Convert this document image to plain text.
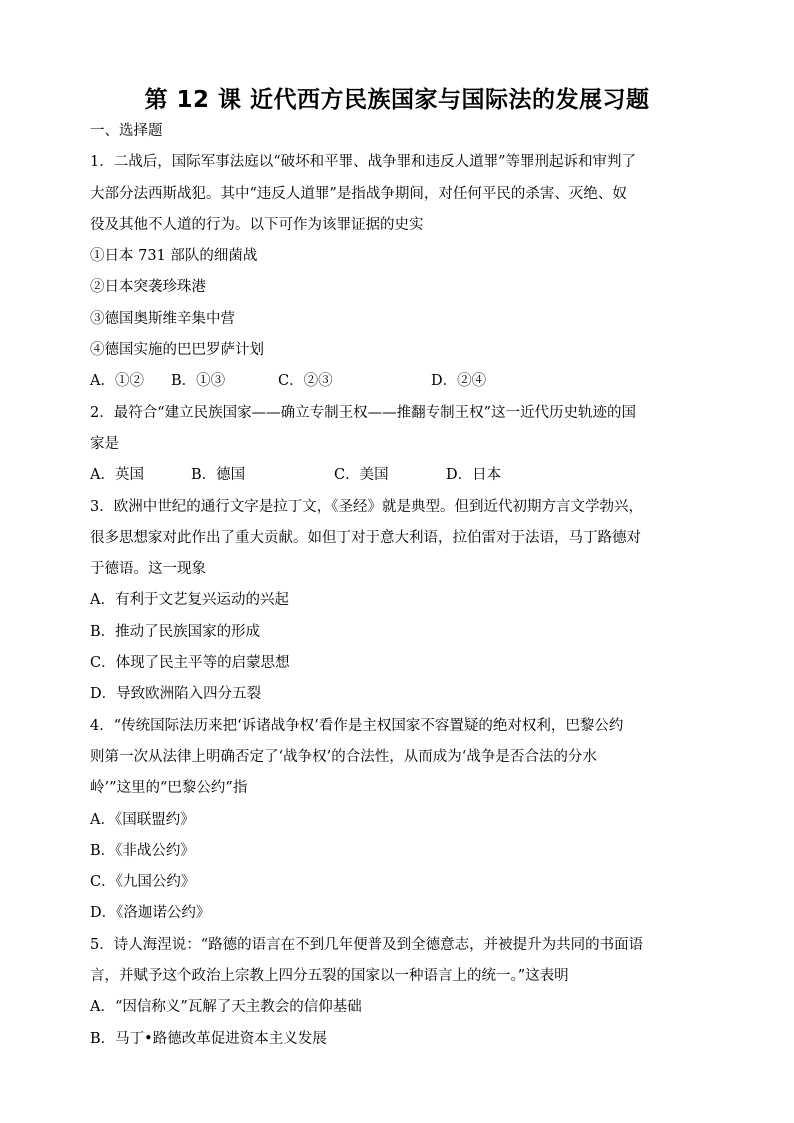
第 12 课 近代西方民族国家与国际法的发展习题
一、选择题
1．二战后，国际军事法庭以“破坏和平罪、战争罪和违反人道罪”等罪刑起诉和审判了
大部分法西斯战犯。其中“违反人道罪”是指战争期间，对任何平民的杀害、灭绝、奴
役及其他不人道的行为。以下可作为该罪证据的史实
①日本 731 部队的细菌战
②日本突袭珍珠港
③德国奥斯维辛集中营
④德国实施的巴巴罗萨计划
A．①②	B．①③	C．②③	D．②④
2．最符合“建立民族国家——确立专制王权——推翻专制王权”这一近代历史轨迹的国
家是
A．英国	B．德国	C．美国	D．日本
3．欧洲中世纪的通行文字是拉丁文，《圣经》就是典型。但到近代初期方言文学勃兴，
很多思想家对此作出了重大贡献。如但丁对于意大利语，拉伯雷对于法语，马丁路德对
于德语。这一现象
A．有利于文艺复兴运动的兴起
B．推动了民族国家的形成
C．体现了民主平等的启蒙思想
D．导致欧洲陷入四分五裂
4．“传统国际法历来把‘诉诸战争权’看作是主权国家不容置疑的绝对权利，巴黎公约
则第一次从法律上明确否定了‘战争权’的合法性，从而成为‘战争是否合法的分水
岭’”这里的“巴黎公约”指
A．《国联盟约》
B．《非战公约》
C．《九国公约》
D．《洛迦诺公约》
5．诗人海涅说：“路德的语言在不到几年便普及到全德意志，并被提升为共同的书面语
言，并赋予这个政治上宗教上四分五裂的国家以一种语言上的统一。”这表明
A．“因信称义”瓦解了天主教会的信仰基础
B．马丁•路德改革促进资本主义发展
